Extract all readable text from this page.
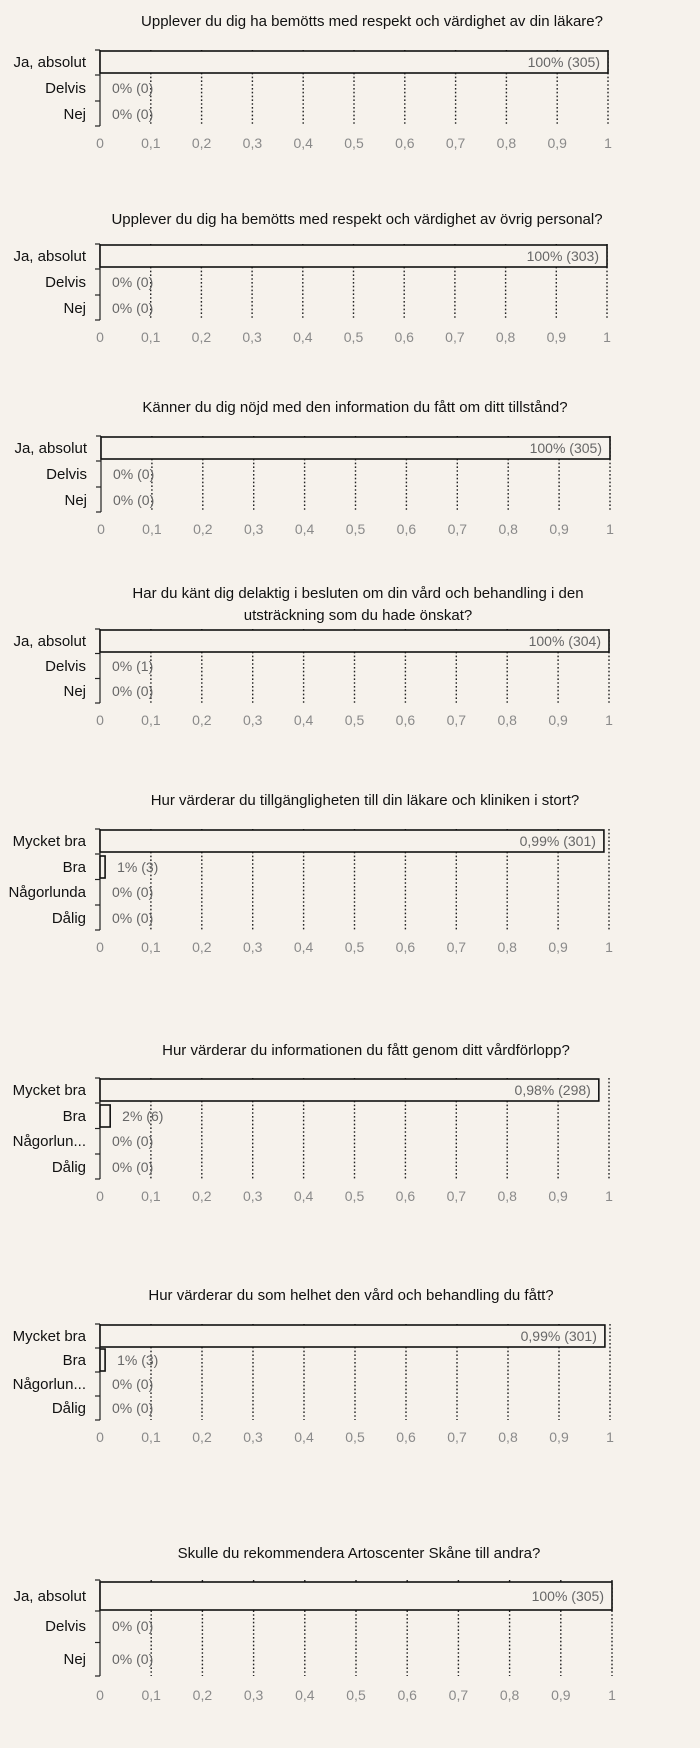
Upplever du dig ha bemötts med respekt och värdighet av din läkare?
Ja, absolut	100% (305)
Delvis 0% (0)
Nej 0% (0)
0	0,1 0,2 0,3 0,4 0,5 0,6 0,7 0,8 0,9	1
Upplever du dig ha bemötts med respekt och värdighet av övrig personal?
Ja, absolut	100% (303)
Delvis 0% (0)
Nej 0% (0)
0	0,1 0,2 0,3 0,4 0,5 0,6 0,7 0,8 0,9	1
Känner du dig nöjd med den information du fått om ditt tillstånd?
Ja, absolut	100% (305)
Delvis 0% (0)
Nej 0% (0)
0	0,1 0,2 0,3 0,4 0,5 0,6 0,7 0,8 0,9	1
Har du känt dig delaktig i besluten om din vård och behandling i den
utsträckning som du hade önskat?
Ja, absolut	100% (304)
Delvis 0% (1)
Nej 0% (0)
0	0,1 0,2 0,3 0,4 0,5 0,6 0,7 0,8 0,9	1
Hur värderar du tillgängligheten till din läkare och kliniken i stort?
Mycket bra	0,99% (301)
Bra 1% (3)
Någorlunda 0% (0)
Dålig 0% (0)
0	0,1 0,2 0,3 0,4 0,5 0,6 0,7 0,8 0,9	1
Hur värderar du informationen du fått genom ditt vårdförlopp?
Mycket bra	0,98% (298)
Bra	2% (6)
Någorlun... 0% (0)
Dålig 0% (0)
0	0,1 0,2 0,3 0,4 0,5 0,6 0,7 0,8 0,9	1
Hur värderar du som helhet den vård och behandling du fått?
Mycket bra	0,99% (301)
Bra 1% (3)
Någorlun... 0% (0)
Dålig 0% (0)
0	0,1 0,2 0,3 0,4 0,5 0,6 0,7 0,8 0,9	1
Skulle du rekommendera Artoscenter Skåne till andra?
Ja, absolut	100% (305)
Delvis 0% (0)
Nej 0% (0)
0	0,1 0,2 0,3 0,4 0,5 0,6 0,7 0,8 0,9	1
